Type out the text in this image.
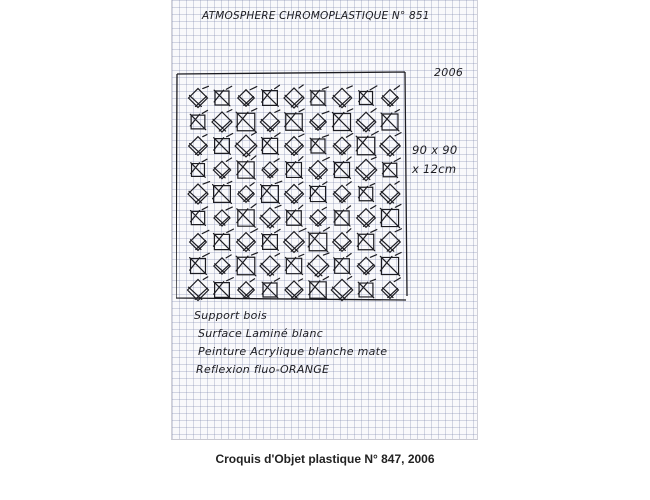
ATMOSPHERE CHROMOPLASTIQUE N° 851
2006
90 x 90
x 12cm
Support bois
Surface Laminé blanc
Peinture Acrylique blanche mate
Reflexion fluo-ORANGE
Croquis d'Objet plastique N° 847, 2006
